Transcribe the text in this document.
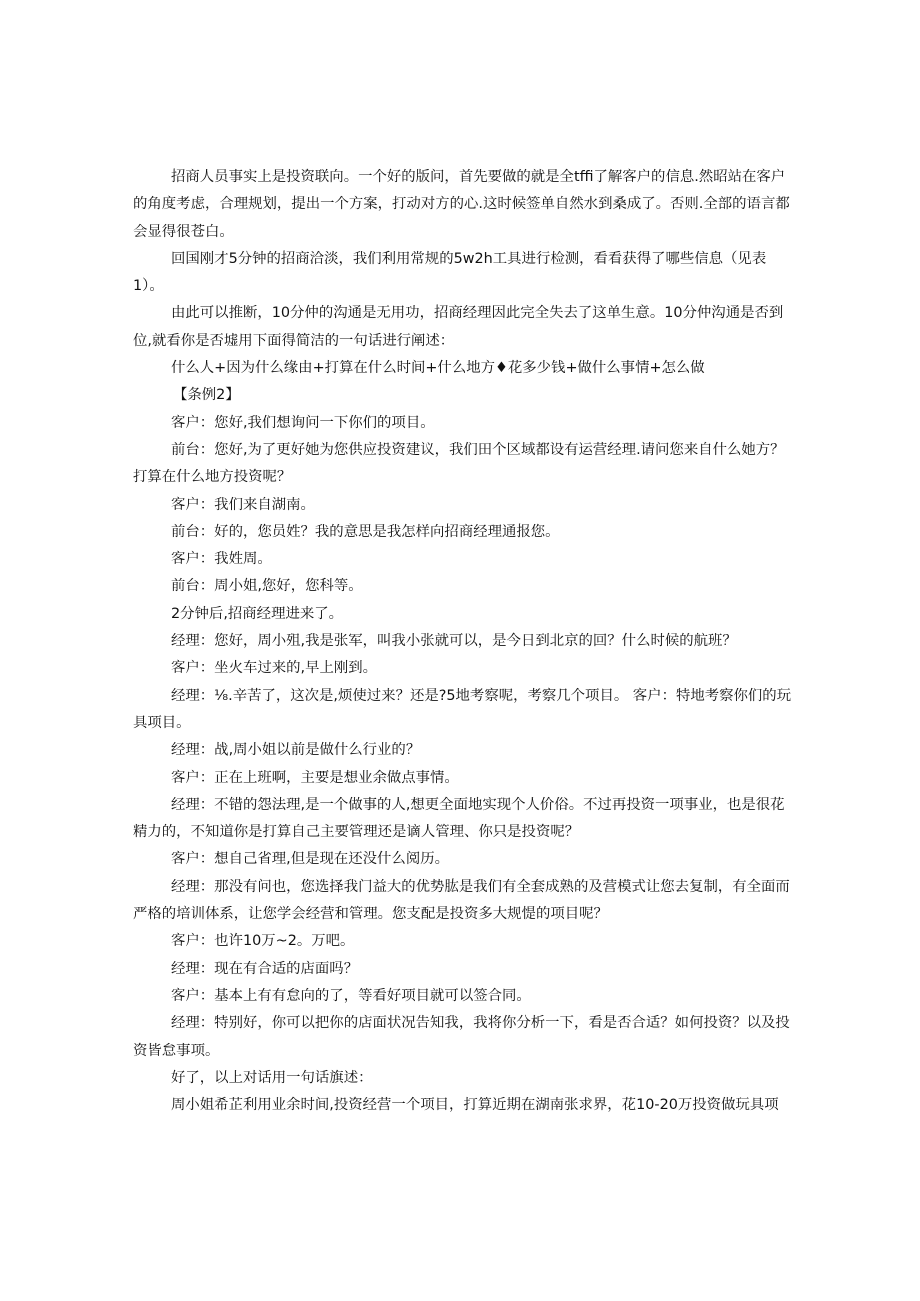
招商人员事实上是投资联向。一个好的版问，首先要做的就是全tffi了解客户的信息.然昭站在客户的角度考虑，合理规划，提出一个方案，打动对方的心.这时候签单自然水到桑成了。否则.全部的语言都会显得很苍白。

回国刚才5分钟的招商洽淡，我们利用常规的5w2h工具进行检测，看看获得了哪些信息（见表1）。

由此可以推断，10分仲的沟通是无用功，招商经理因此完全失去了这单生意。10分仲沟通是否到位,就看你是否墟用下面得简洁的一句话进行阐述：

什么人+因为什么缘由+打算在什么时间+什么地方♦花多少钱+做什么事情+怎么做

【条例2】

客户：您好,我们想询问一下你们的项目。

前台：您好,为了更好她为您供应投资建议，我们田个区域都设有运营经理.请问您来自什么她方？打算在什么地方投资呢？

客户：我们来自湖南。

前台：好的，您员姓？我的意思是我怎样向招商经理通报您。

客户：我姓周。

前台：周小姐,您好，您科等。

2分钟后,招商经理进来了。

经理：您好，周小殂,我是张军，叫我小张就可以，是今日到北京的回？什么时候的航班？

客户：坐火车过来的,早上刚到。

经理：⅛.辛苦了，这次是,烦使过来？还是?5地考察呢，考察几个项目。 客户：特地考察你们的玩具项目。

经理：战,周小姐以前是做什么行业的？

客户：正在上班啊，主要是想业余做点事情。

经理：不错的怨法理,是一个做事的人,想更全面地实现个人价俗。不过再投资一项事业，也是很花精力的，不知道你是打算自己主要管理还是谪人管理、你只是投资呢？

客户：想自己省理,但是现在还没什么阅历。

经理：那没有问也，您选择我门益大的优势肱是我们有全套成熟的及营模式让您去复制，有全面而严格的培训体系，让您学会经营和管理。您支配是投资多大规惿的项目呢？

客户：也许10万~2。万吧。

经理：现在有合适的店面吗？

客户：基本上有有怠向的了，等看好项目就可以签合同。

经理：特别好，你可以把你的店面状况告知我，我将你分析一下，看是否合适？如何投资？以及投资皆怠事项。

好了，以上对话用一句话旗述：

周小姐希芷利用业余时间,投资经营一个项目，打算近期在湖南张求界，花10-20万投资做玩具项
